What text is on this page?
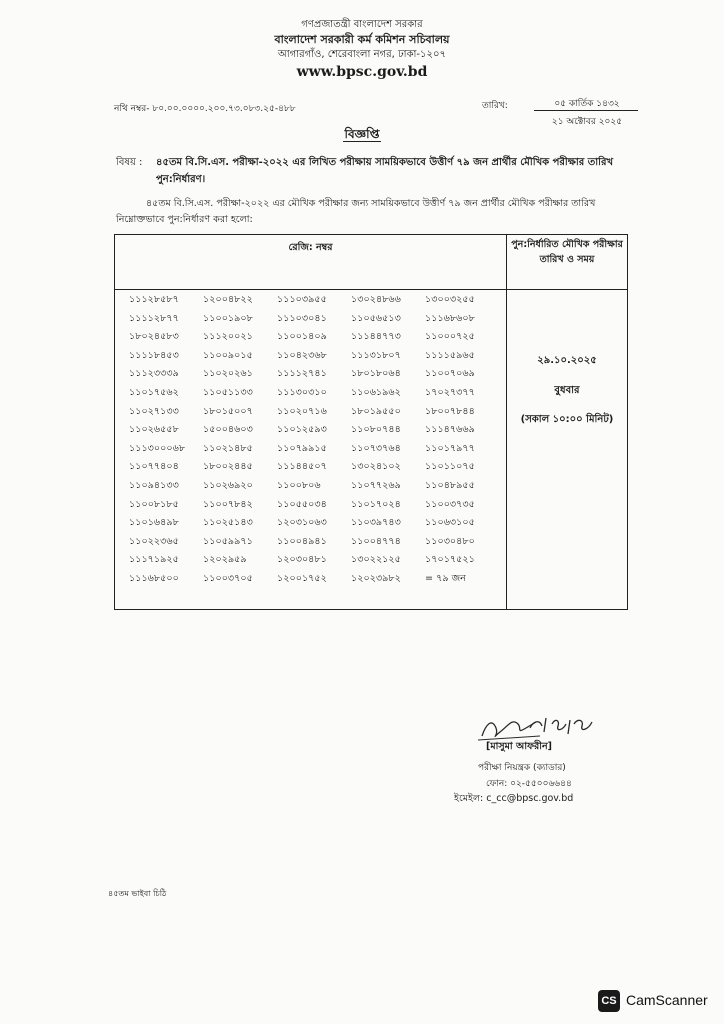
গণপ্রজাতন্ত্রী বাংলাদেশ সরকার
বাংলাদেশ সরকারী কর্ম কমিশন সচিবালয়
আগারগাঁও, শেরেবাংলা নগর, ঢাকা-১২০৭
www.bpsc.gov.bd
নথি নম্বর- ৮০.০০.০০০০.২০০.৭৩.০৮৩.২৫-৪৮৮	তারিখ:	০৫ কার্তিক ১৪৩২
২১ অক্টোবর ২০২৫
বিজ্ঞপ্তি
বিষয় : ৪৫তম বি.সি.এস. পরীক্ষা-২০২২ এর লিখিত পরীক্ষায় সাময়িকভাবে উত্তীর্ণ ৭৯ জন প্রার্থীর মৌখিক পরীক্ষার তারিখ পুন:নির্ধারণ।
৪৫তম বি.সি.এস. পরীক্ষা-২০২২ এর মৌখিক পরীক্ষার জন্য সাময়িকভাবে উত্তীর্ণ ৭৯ জন প্রার্থীর মৌখিক পরীক্ষার তারিখ নিম্নোক্তভাবে পুন:নির্ধারণ করা হলো:
রেজি: নম্বর	পুন:নির্ধারিত মৌখিক পরীক্ষার তারিখ ও সময়
১১১২৮৫৮৭	১২০০৪৮২২	১১১০৩৯৫৫	১৩০২৪৮৬৬	১৩০০৩২৫৫
১১১১২৮৭৭	১১০০১৯০৮	১১১০৩০৪১	১১০৫৬৫১৩	১১১৬৮৬০৮
১৮০২৪৫৮৩	১১১২০০২১	১১০০১৪০৯	১১১৪৪৭৭৩	১১০০০৭২৫
১১১১৮৪৫৩	১১০০৯০১৫	১১০৪২৩৬৮	১১১৩১৮০৭	১১১১৫৯৬৫
১১১২৩৩৩৯	১১০২০২৬১	১১১১২৭৪১	১৮০১৮০৬৪	১১০০৭০৬৯
১১০১৭৫৬২	১১০৫১১৩৩	১১১৩০৩১০	১১০৬১৯৬২	১৭০২৭৩৭৭
১১০২৭১৩৩	১৮০১৫০০৭	১১০২০৭১৬	১৮০১৯৫৫০	১৮০০৭৮৪৪
১১০২৬৫৫৮	১৫০০৪৬০৩	১১০১২৫৯৩	১১০৮০৭৪৪	১১১৪৭৬৬৯
১১১৩০০০৬৮ ১১০২১৪৮৫	১১০৭৯৯১৫	১১০৭৩৭৬৪	১১০১৭৯৭৭
১১০৭৭৪০৪	১৮০০২৪৪৫	১১১৪৪৫০৭	১৩০২৪১০২	১১০১১০৭৫
১১০৯৪১৩৩	১১০২৬৯২০	১১০০৮০৬	১১০৭৭২৬৯	১১০৪৮৯৫৫
১১০০৮১৮৫	১১০০৭৮৪২	১১০৫৫০৩৪	১১০১৭০২৪	১১০০৩৭৩৫
১১০১৬৪৯৮	১১০২৫১৪৩	১২০৩১০৬৩	১১০৩৯৭৪৩	১১০৬৩১০৫
১১০২২৩৬৫	১১০৫৯৯৭১	১১০০৪৯৪১	১১০০৪৭৭৪	১১০৩০৪৮০
১১১৭১৯২৫	১২০২৯৫৯	১২০৩০৪৮১	১৩০২২১২৫	১৭০১৭৫২১
১১১৬৮৫০০	১১০০৩৭০৫	১২০০১৭৫২	১২০২৩৯৮২	= ৭৯ জন
২৯.১০.২০২৫
বুধবার
(সকাল ১০:০০ মিনিট)
[মাসুমা আফরীন]
পরীক্ষা নিয়ন্ত্রক (ক্যাডার)
ফোন: ০২-৫৫০০৬৬৪৪
ইমেইল: c_cc@bpsc.gov.bd
৪৫তম ভাইবা চিঠি
CS CamScanner
